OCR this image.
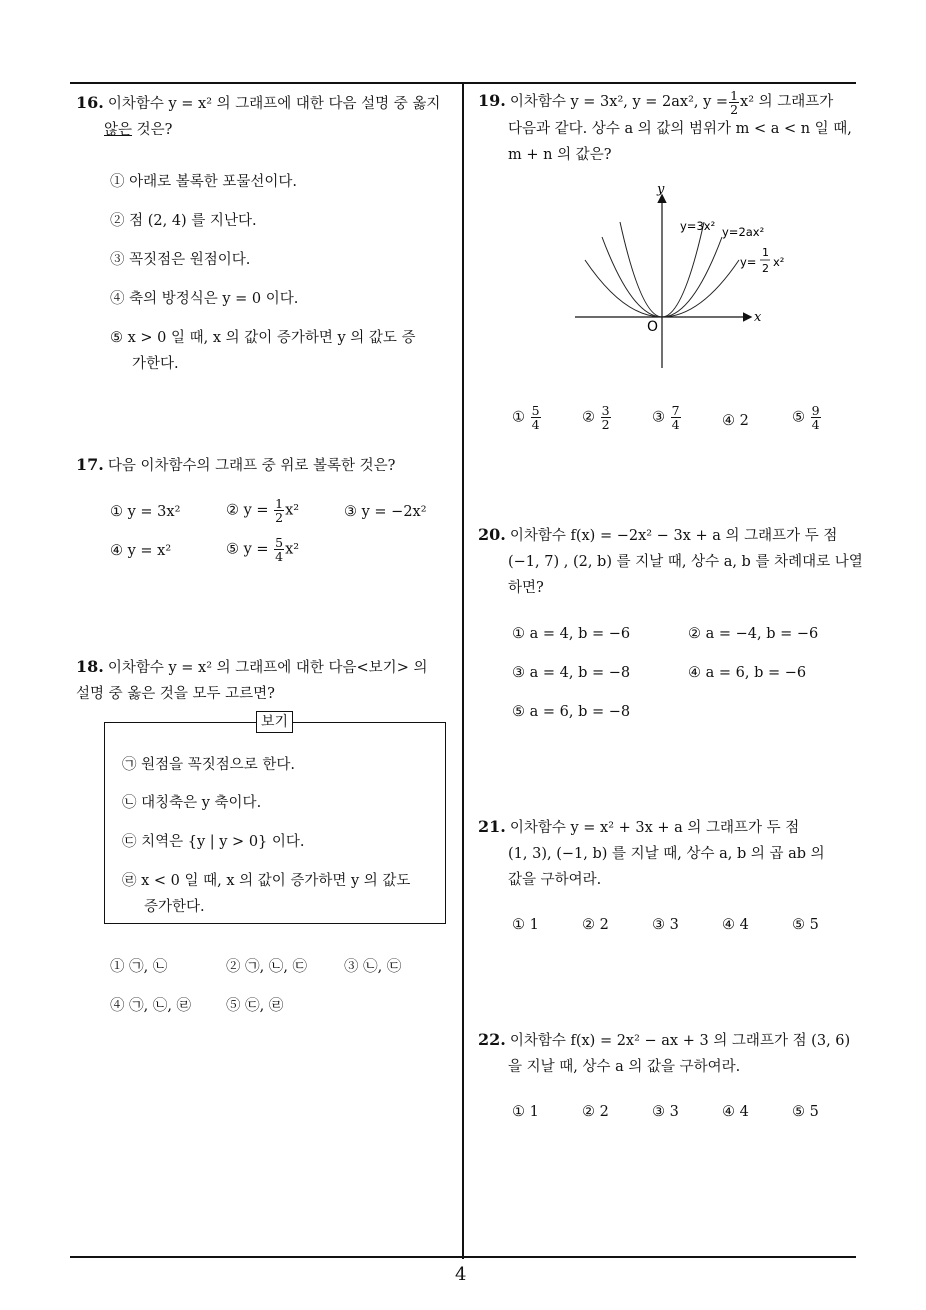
4
16. 이차함수 y = x² 의 그래프에 대한 다음 설명 중 옳지
않은 것은?
① 아래로 볼록한 포물선이다.
② 점 (2, 4) 를 지난다.
③ 꼭짓점은 원점이다.
④ 축의 방정식은 y = 0 이다.
⑤ x > 0 일 때, x 의 값이 증가하면 y 의 값도 증
가한다.
17. 다음 이차함수의 그래프 중 위로 볼록한 것은?
① y = 3x²	② $y = \frac{1}{2} x^2$	③ y = −2x²
④ y = x²	⑤ $y = \frac{5}{4} x^2$
18. 이차함수 y = x² 의 그래프에 대한 다음<보기> 의
설명 중 옳은 것을 모두 고르면?
보기
㉠ 원점을 꼭짓점으로 한다.
㉡ 대칭축은 y 축이다.
㉢ 치역은 {y | y > 0} 이다.
㉣ x < 0 일 때, x 의 값이 증가하면 y 의 값도
증가한다.
① ㉠, ㉡	② ㉠, ㉡, ㉢	③ ㉡, ㉢
④ ㉠, ㉡, ㉣ ⑤ ㉢, ㉣
19. 이차함수 y = 3x², y = 2ax², $y = \frac{1}{2} x^2$ 의 그래프가
다음과 같다. 상수 a 의 값의 범위가 m < a < n 일 때,
m + n 의 값은?
y
x
O
y=3x² y=2ax²
y=
1
2 x²
① $\frac{5}{4}$	② $\frac{3}{2}$	③ $\frac{7}{4}$	④ 2	⑤ $\frac{9}{4}$
20. 이차함수 f(x) = −2x² − 3x + a 의 그래프가 두 점
(−1, 7) , (2, b) 를 지날 때, 상수 a, b 를 차례대로 나열
하면?
① a = 4, b = −6	② a = −4, b = −6
③ a = 4, b = −8	④ a = 6, b = −6
⑤ a = 6, b = −8
21. 이차함수 y = x² + 3x + a 의 그래프가 두 점
(1, 3), (−1, b) 를 지날 때, 상수 a, b 의 곱 ab 의
값을 구하여라.
① 1	② 2	③ 3	④ 4	⑤ 5
22. 이차함수 f(x) = 2x² − ax + 3 의 그래프가 점 (3, 6)
을 지날 때, 상수 a 의 값을 구하여라.
① 1	② 2	③ 3	④ 4	⑤ 5
